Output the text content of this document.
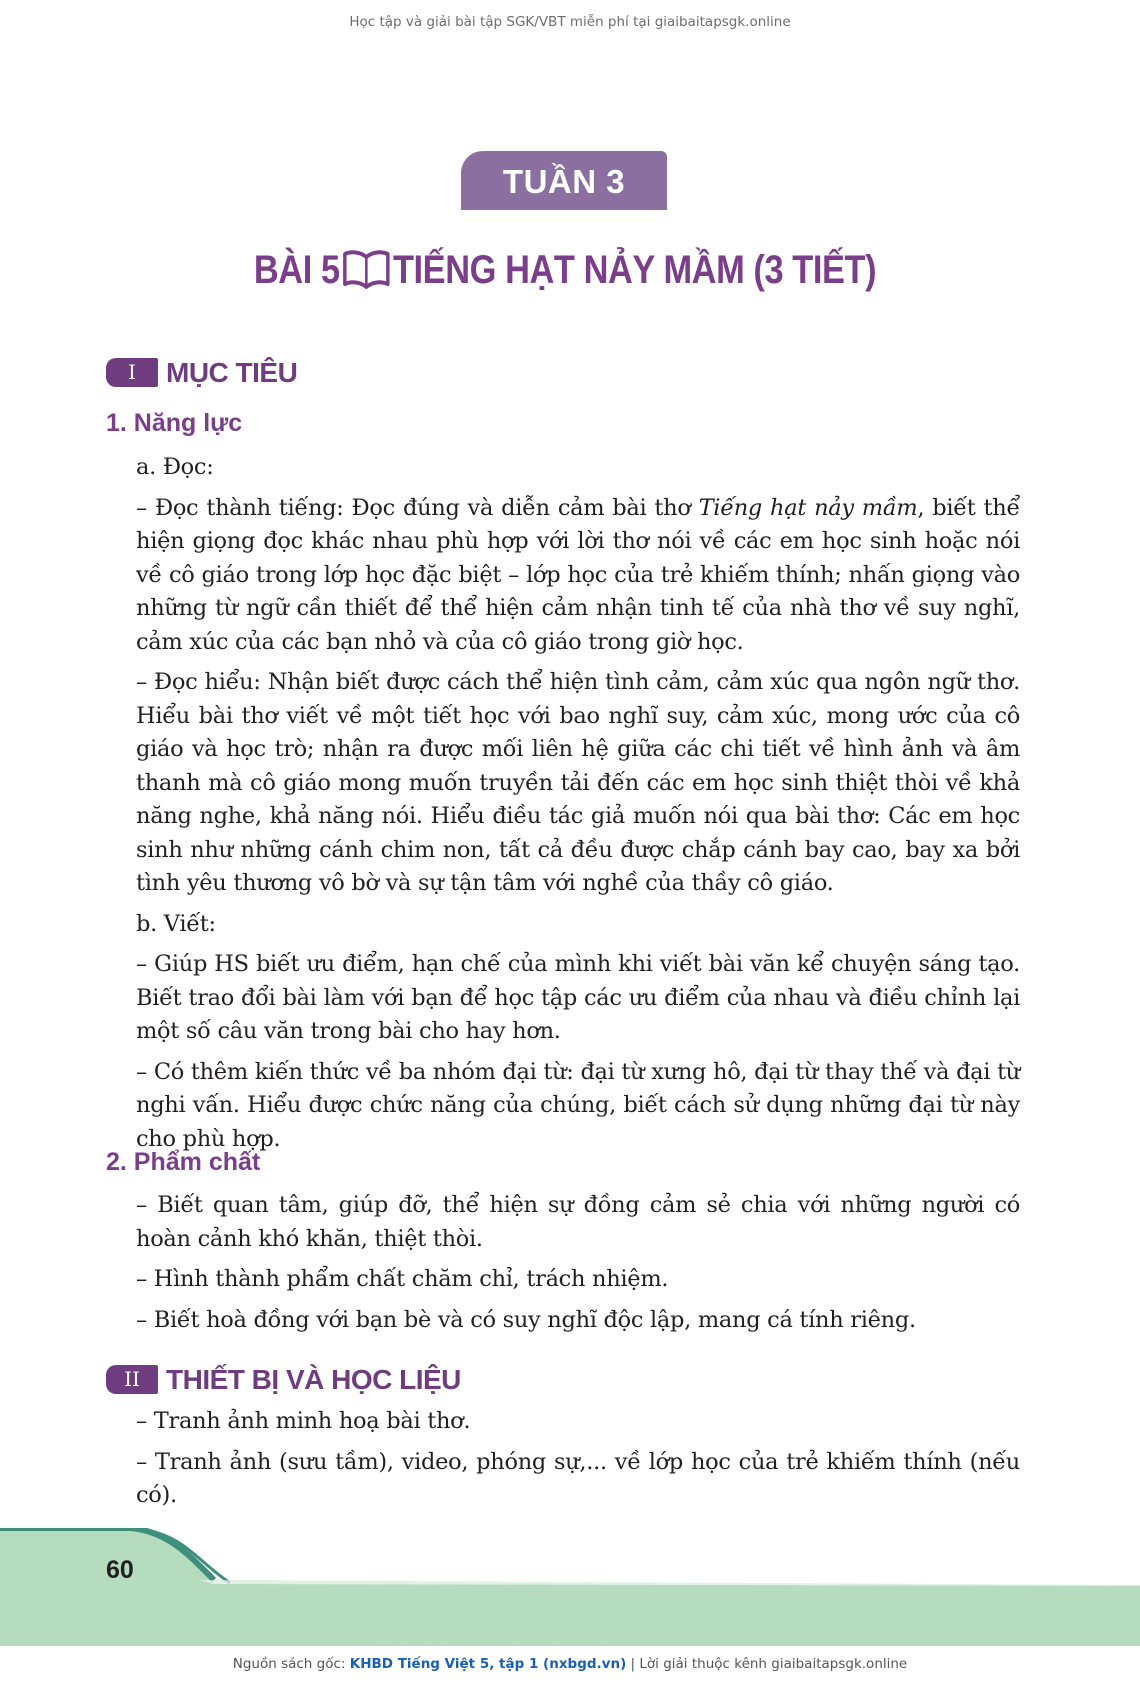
Học tập và giải bài tập SGK/VBT miễn phí tại giaibaitapsgk.online
TUẦN 3
BÀI 5 TIẾNG HẠT NẢY MẦM (3 TIẾT)
I	MỤC TIÊU
1. Năng lực

a. Đọc:

– Đọc thành tiếng: Đọc đúng và diễn cảm bài thơ Tiếng hạt nảy mầm, biết thể hiện giọng đọc khác nhau phù hợp với lời thơ nói về các em học sinh hoặc nói về cô giáo trong lớp học đặc biệt – lớp học của trẻ khiếm thính; nhấn giọng vào những từ ngữ cần thiết để thể hiện cảm nhận tinh tế của nhà thơ về suy nghĩ, cảm xúc của các bạn nhỏ và của cô giáo trong giờ học.

– Đọc hiểu: Nhận biết được cách thể hiện tình cảm, cảm xúc qua ngôn ngữ thơ. Hiểu bài thơ viết về một tiết học với bao nghĩ suy, cảm xúc, mong ước của cô giáo và học trò; nhận ra được mối liên hệ giữa các chi tiết về hình ảnh và âm thanh mà cô giáo mong muốn truyền tải đến các em học sinh thiệt thòi về khả năng nghe, khả năng nói. Hiểu điều tác giả muốn nói qua bài thơ: Các em học sinh như những cánh chim non, tất cả đều được chắp cánh bay cao, bay xa bởi tình yêu thương vô bờ và sự tận tâm với nghề của thầy cô giáo.

b. Viết:

– Giúp HS biết ưu điểm, hạn chế của mình khi viết bài văn kể chuyện sáng tạo. Biết trao đổi bài làm với bạn để học tập các ưu điểm của nhau và điều chỉnh lại một số câu văn trong bài cho hay hơn.

– Có thêm kiến thức về ba nhóm đại từ: đại từ xưng hô, đại từ thay thế và đại từ nghi vấn. Hiểu được chức năng của chúng, biết cách sử dụng những đại từ này cho phù hợp.

2. Phẩm chất

– Biết quan tâm, giúp đỡ, thể hiện sự đồng cảm sẻ chia với những người có hoàn cảnh khó khăn, thiệt thòi.

– Hình thành phẩm chất chăm chỉ, trách nhiệm.

– Biết hoà đồng với bạn bè và có suy nghĩ độc lập, mang cá tính riêng.

II THIẾT BỊ VÀ HỌC LIỆU

– Tranh ảnh minh hoạ bài thơ.

– Tranh ảnh (sưu tầm), video, phóng sự,... về lớp học của trẻ khiếm thính (nếu có).

60
Nguồn sách gốc: KHBD Tiếng Việt 5, tập 1 (nxbgd.vn) | Lời giải thuộc kênh giaibaitapsgk.online
